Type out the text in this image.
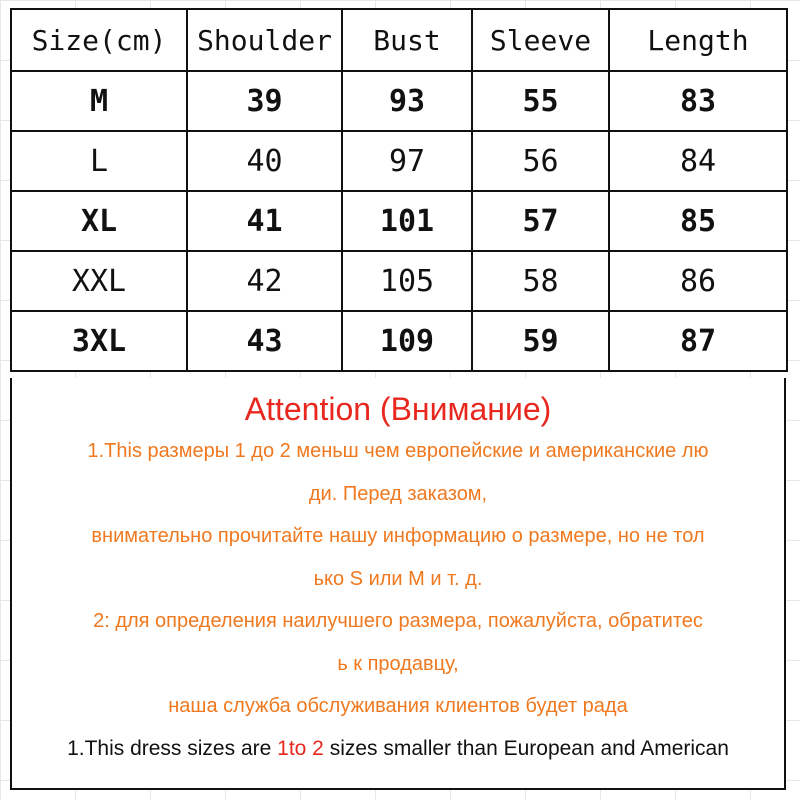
Size(cm)	Shoulder	Bust	Sleeve	Length
M	39	93	55	83
L	40	97	56	84
XL	41	101	57	85
XXL	42	105	58	86
3XL	43	109	59	87
Attention (Внимание)
1.This размеры 1 до 2 меньш чем европейские и американские лю
ди. Перед заказом,
внимательно прочитайте нашу информацию о размере, но не тол
ько S или M и т. д.
2: для определения наилучшего размера, пожалуйста, обратитес
ь к продавцу,
наша служба обслуживания клиентов будет рада
1.This dress sizes are 1to 2 sizes smaller than European and American
